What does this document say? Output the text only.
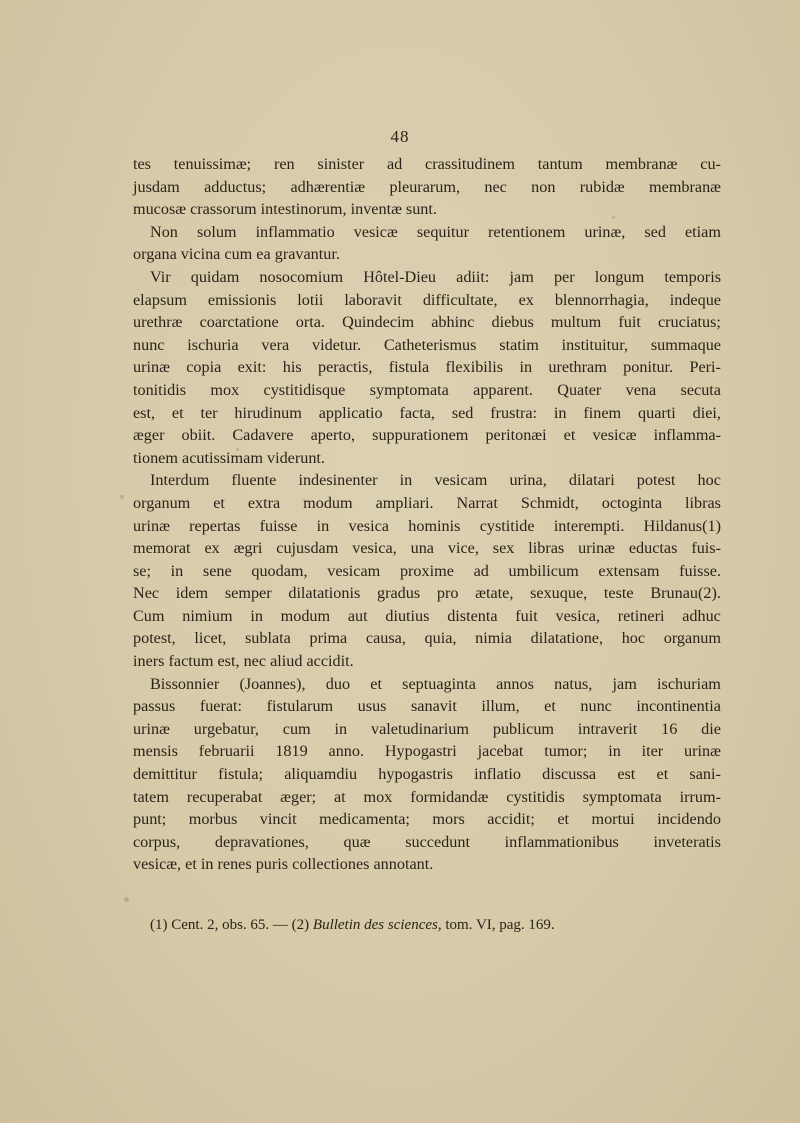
48
tes tenuissimæ; ren sinister ad crassitudinem tantum membranæ cu-
jusdam adductus; adhærentiæ pleurarum, nec non rubidæ membranæ
mucosæ crassorum intestinorum, inventæ sunt.
Non solum inflammatio vesicæ sequitur retentionem urinæ, sed etiam
organa vicina cum ea gravantur.
Vir quidam nosocomium Hôtel-Dieu adiit: jam per longum temporis
elapsum emissionis lotii laboravit difficultate, ex blennorrhagia, indeque
urethræ coarctatione orta. Quindecim abhinc diebus multum fuit cruciatus;
nunc ischuria vera videtur. Catheterismus statim instituitur, summaque
urinæ copia exit: his peractis, fistula flexibilis in urethram ponitur. Peri-
tonitidis mox cystitidisque symptomata apparent. Quater vena secuta
est, et ter hirudinum applicatio facta, sed frustra: in finem quarti diei,
æger obiit. Cadavere aperto, suppurationem peritonæi et vesicæ inflamma-
tionem acutissimam viderunt.
Interdum fluente indesinenter in vesicam urina, dilatari potest hoc
organum et extra modum ampliari. Narrat Schmidt, octoginta libras
urinæ repertas fuisse in vesica hominis cystitide interempti. Hildanus(1)
memorat ex ægri cujusdam vesica, una vice, sex libras urinæ eductas fuis-
se; in sene quodam, vesicam proxime ad umbilicum extensam fuisse.
Nec idem semper dilatationis gradus pro ætate, sexuque, teste Brunau(2).
Cum nimium in modum aut diutius distenta fuit vesica, retineri adhuc
potest, licet, sublata prima causa, quia, nimia dilatatione, hoc organum
iners factum est, nec aliud accidit.
Bissonnier (Joannes), duo et septuaginta annos natus, jam ischuriam
passus fuerat: fistularum usus sanavit illum, et nunc incontinentia
urinæ urgebatur, cum in valetudinarium publicum intraverit 16 die
mensis februarii 1819 anno. Hypogastri jacebat tumor; in iter urinæ
demittitur fistula; aliquamdiu hypogastris inflatio discussa est et sani-
tatem recuperabat æger; at mox formidandæ cystitidis symptomata irrum-
punt; morbus vincit medicamenta; mors accidit; et mortui incidendo
corpus, depravationes, quæ succedunt inflammationibus inveteratis
vesicæ, et in renes puris collectiones annotant.
(1) Cent. 2, obs. 65. — (2) Bulletin des sciences, tom. VI, pag. 169.
